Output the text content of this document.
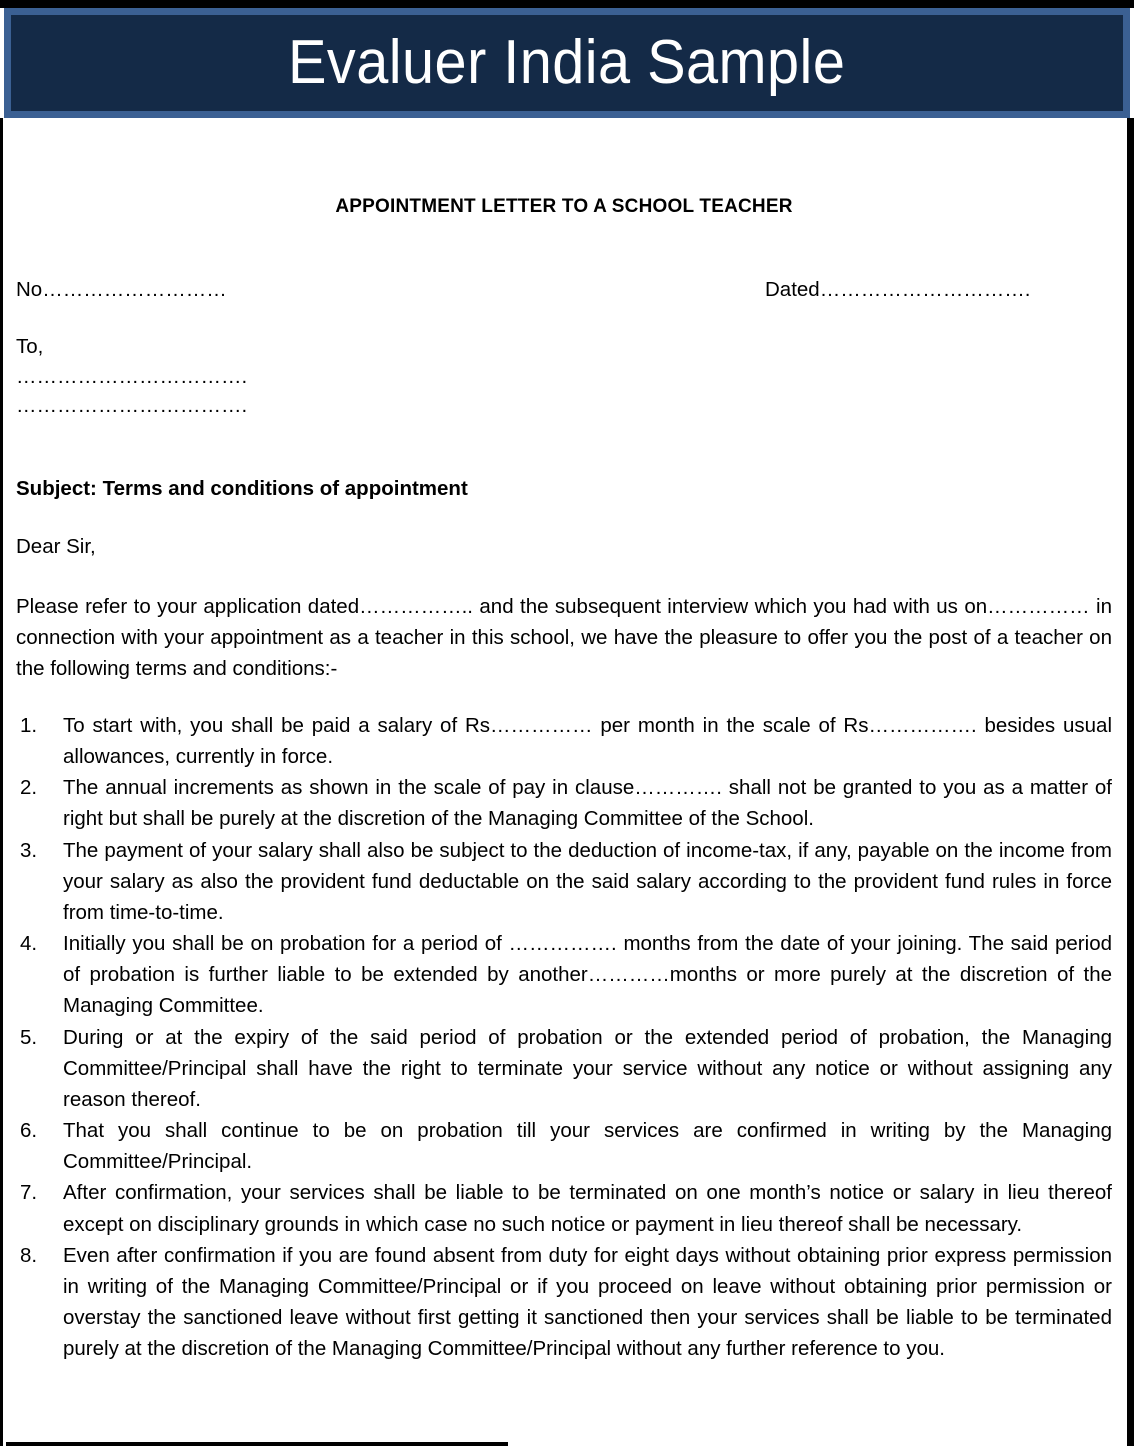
Evaluer India Sample
APPOINTMENT LETTER TO A SCHOOL TEACHER
No………………………	Dated………………………….
To,
…………………………….
…………………………….
Subject: Terms and conditions of appointment
Dear Sir,
Please refer to your application dated…………….. and the subsequent interview which you had with us on…………… in connection with your appointment as a teacher in this school, we have the pleasure to offer you the post of a teacher on the following terms and conditions:-
To start with, you shall be paid a salary of Rs…………… per month in the scale of Rs……………. besides usual allowances, currently in force.
The annual increments as shown in the scale of pay in clause…………. shall not be granted to you as a matter of right but shall be purely at the discretion of the Managing Committee of the School.
The payment of your salary shall also be subject to the deduction of income-tax, if any, payable on the income from your salary as also the provident fund deductable on the said salary according to the provident fund rules in force from time-to-time.
Initially you shall be on probation for a period of ……………. months from the date of your joining. The said period of probation is further liable to be extended by another…………months or more purely at the discretion of the Managing Committee.
During or at the expiry of the said period of probation or the extended period of probation, the Managing Committee/Principal shall have the right to terminate your service without any notice or without assigning any reason thereof.
That you shall continue to be on probation till your services are confirmed in writing by the Managing Committee/Principal.
After confirmation, your services shall be liable to be terminated on one month’s notice or salary in lieu thereof except on disciplinary grounds in which case no such notice or payment in lieu thereof shall be necessary.
Even after confirmation if you are found absent from duty for eight days without obtaining prior express permission in writing of the Managing Committee/Principal or if you proceed on leave without obtaining prior permission or overstay the sanctioned leave without first getting it sanctioned then your services shall be liable to be terminated purely at the discretion of the Managing Committee/Principal without any further reference to you.
